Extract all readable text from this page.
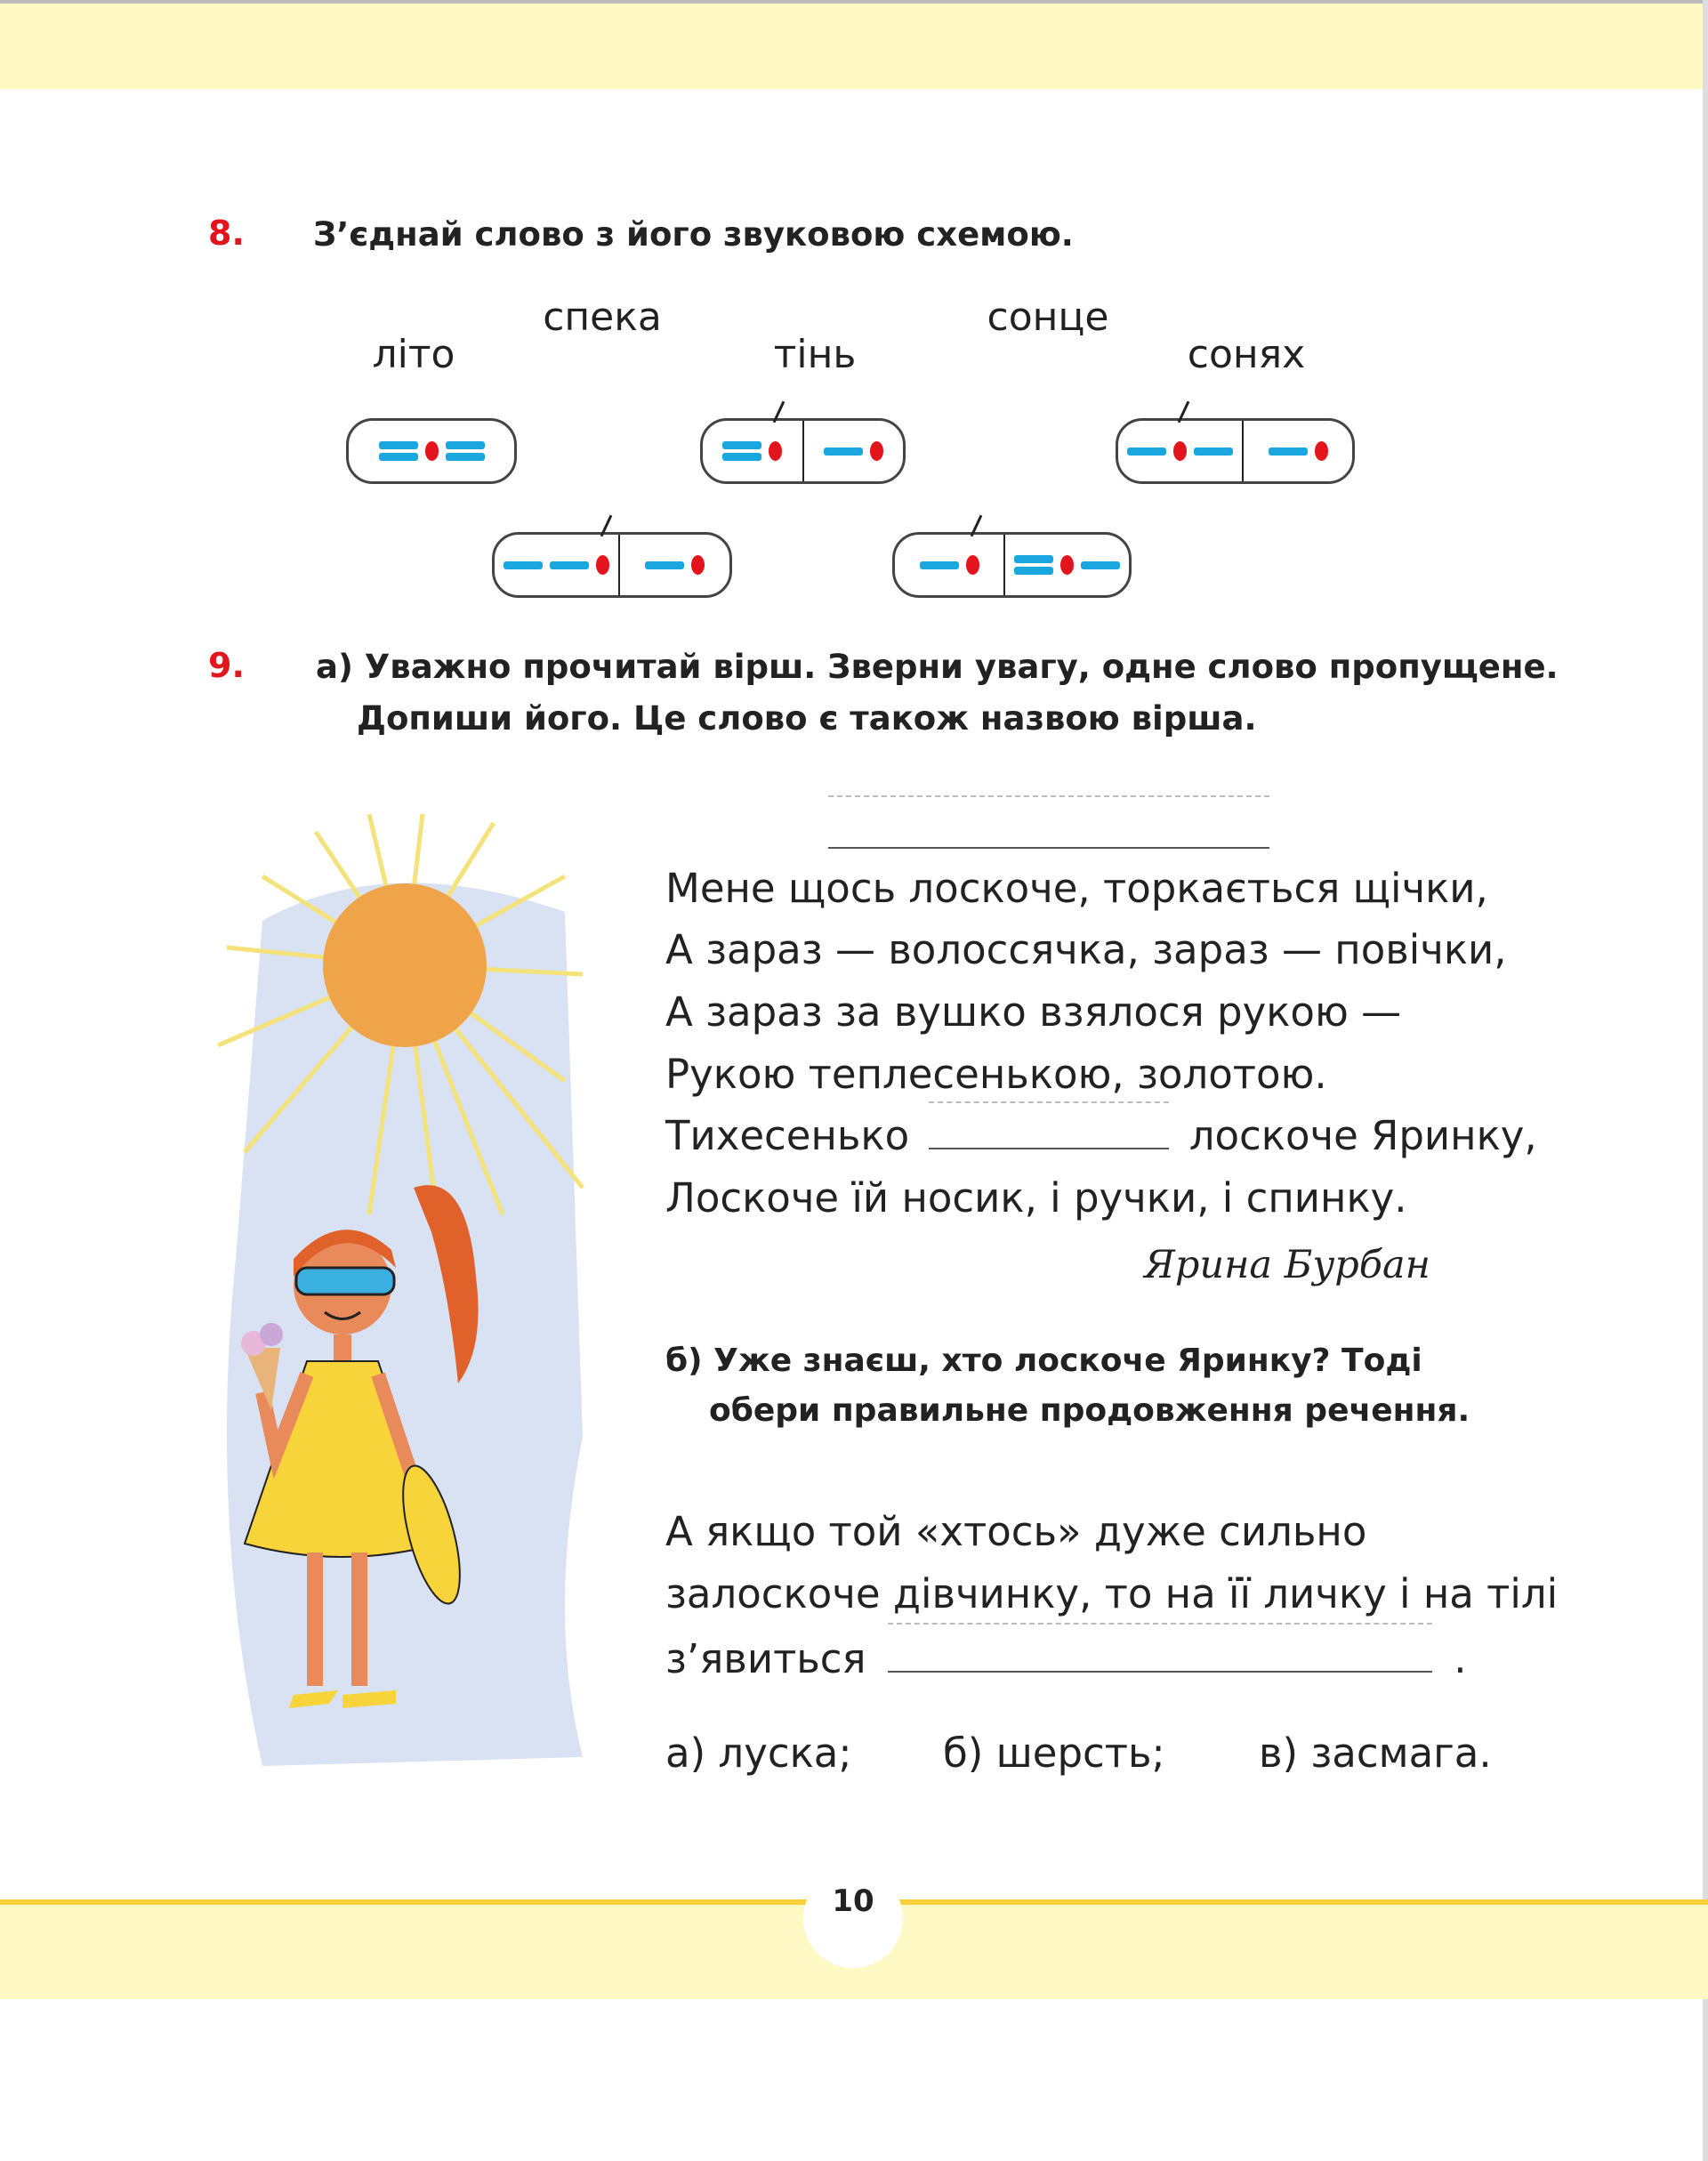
8. З’єднай слово з його звуковою схемою.
літо
спека
тінь
сонце
сонях
9. а) Уважно прочитай вірш. Зверни увагу, одне слово пропущене.
Допиши його. Це слово є також назвою вірша.
Мене щось лоскоче, торкається щічки,
А зараз — волоссячка, зараз — повічки,
А зараз за вушко взялося рукою —
Рукою теплесенькою, золотою.
Тихесенько	лоскоче Яринку,
Лоскоче їй носик, і ручки, і спинку.
Ярина Бурбан
б) Уже знаєш, хто лоскоче Яринку? Тоді
обери правильне продовження речення.
А якщо той «хтось» дуже сильно
залоскоче дівчинку, то на її личку і на тілі
з’явиться	.
а) луска; б) шерсть; в) засмага.
10
